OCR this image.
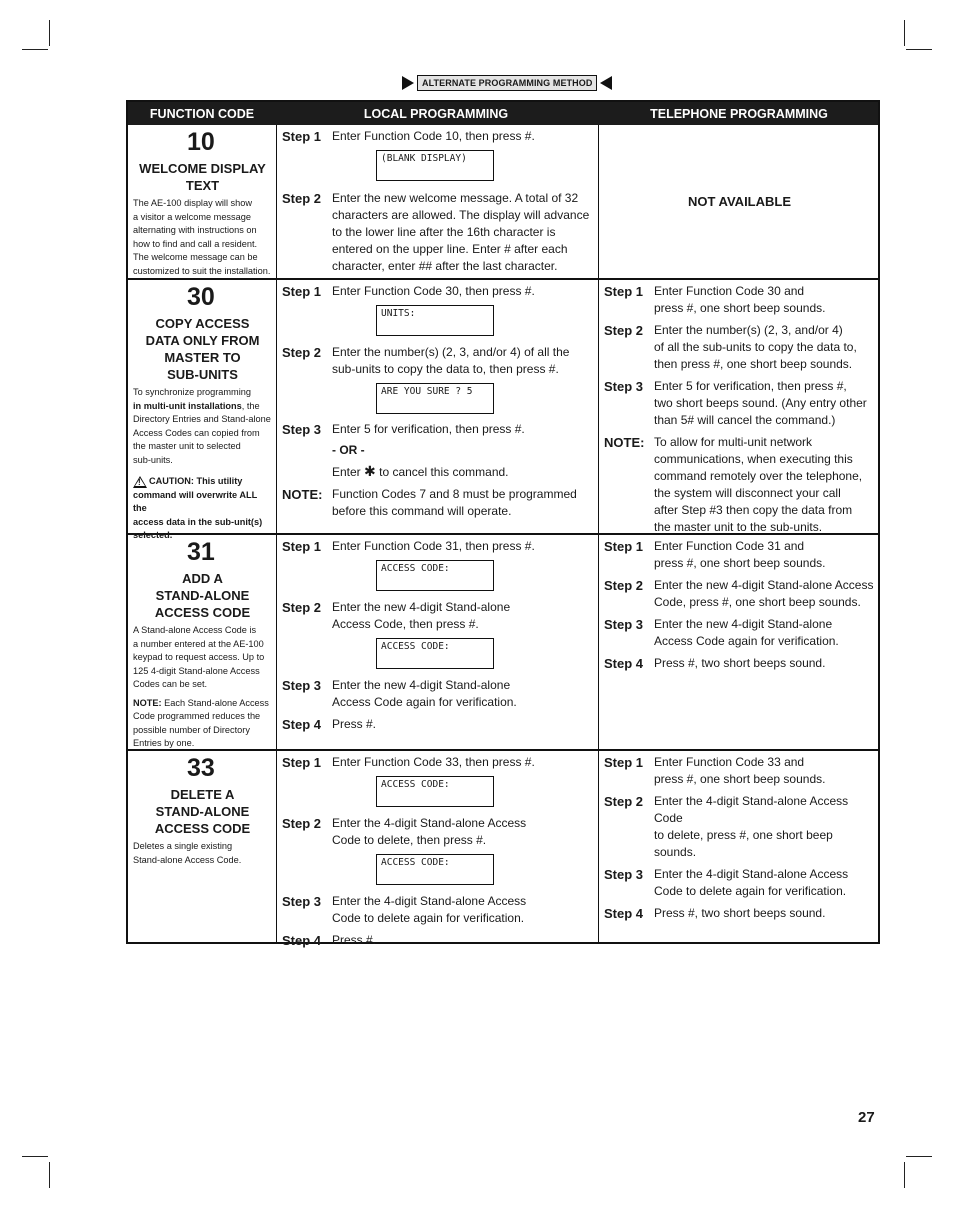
ALTERNATE PROGRAMMING METHOD
FUNCTION CODE	LOCAL PROGRAMMING	TELEPHONE PROGRAMMING
10
WELCOME DISPLAY
TEXT
The AE-100 display will show
a visitor a welcome message
alternating with instructions on
how to find and call a resident.
The welcome message can be
customized to suit the installation.
Step 1 Enter Function Code 10, then press #.
(BLANK DISPLAY)
Step 2 Enter the new welcome message. A total of 32
characters are allowed. The display will advance
to the lower line after the 16th character is
entered on the upper line. Enter # after each
character, enter ## after the last character.
NOT AVAILABLE
30
COPY ACCESS
DATA ONLY FROM
MASTER TO
SUB-UNITS
To synchronize programming
in multi-unit installations, the
Directory Entries and Stand-alone
Access Codes can copied from
the master unit to selected
sub-units.
!
CAUTION: This utility
command will overwrite ALL the
access data in the sub-unit(s)
selected.
Step 1 Enter Function Code 30, then press #.
UNITS:
Step 2 Enter the number(s) (2, 3, and/or 4) of all the
sub-units to copy the data to, then press #.
ARE YOU SURE ? 5
Step 3 Enter 5 for verification, then press #.
- OR -
Enter ✱ to cancel this command.
NOTE: Function Codes 7 and 8 must be programmed
before this command will operate.
Step 1 Enter Function Code 30 and
press #, one short beep sounds.
Step 2 Enter the number(s) (2, 3, and/or 4)
of all the sub-units to copy the data to,
then press #, one short beep sounds.
Step 3 Enter 5 for verification, then press #,
two short beeps sound. (Any entry other
than 5# will cancel the command.)
NOTE: To allow for multi-unit network
communications, when executing this
command remotely over the telephone,
the system will disconnect your call
after Step #3 then copy the data from
the master unit to the sub-units.
31
ADD A
STAND-ALONE
ACCESS CODE
A Stand-alone Access Code is
a number entered at the AE-100
keypad to request access. Up to
125 4-digit Stand-alone Access
Codes can be set.
NOTE: Each Stand-alone Access
Code programmed reduces the
possible number of Directory
Entries by one.
Step 1 Enter Function Code 31, then press #.
ACCESS CODE:
Step 2 Enter the new 4-digit Stand-alone
Access Code, then press #.
ACCESS CODE:
Step 3 Enter the new 4-digit Stand-alone
Access Code again for verification.
Step 4 Press #.
Step 1 Enter Function Code 31 and
press #, one short beep sounds.
Step 2 Enter the new 4-digit Stand-alone Access
Code, press #, one short beep sounds.
Step 3 Enter the new 4-digit Stand-alone
Access Code again for verification.
Step 4 Press #, two short beeps sound.
33
DELETE A
STAND-ALONE
ACCESS CODE
Deletes a single existing
Stand-alone Access Code.
Step 1 Enter Function Code 33, then press #.
ACCESS CODE:
Step 2 Enter the 4-digit Stand-alone Access
Code to delete, then press #.
ACCESS CODE:
Step 3 Enter the 4-digit Stand-alone Access
Code to delete again for verification.
Step 4 Press #.
Step 1 Enter Function Code 33 and
press #, one short beep sounds.
Step 2 Enter the 4-digit Stand-alone Access Code
to delete, press #, one short beep sounds.
Step 3 Enter the 4-digit Stand-alone Access
Code to delete again for verification.
Step 4 Press #, two short beeps sound.
27
